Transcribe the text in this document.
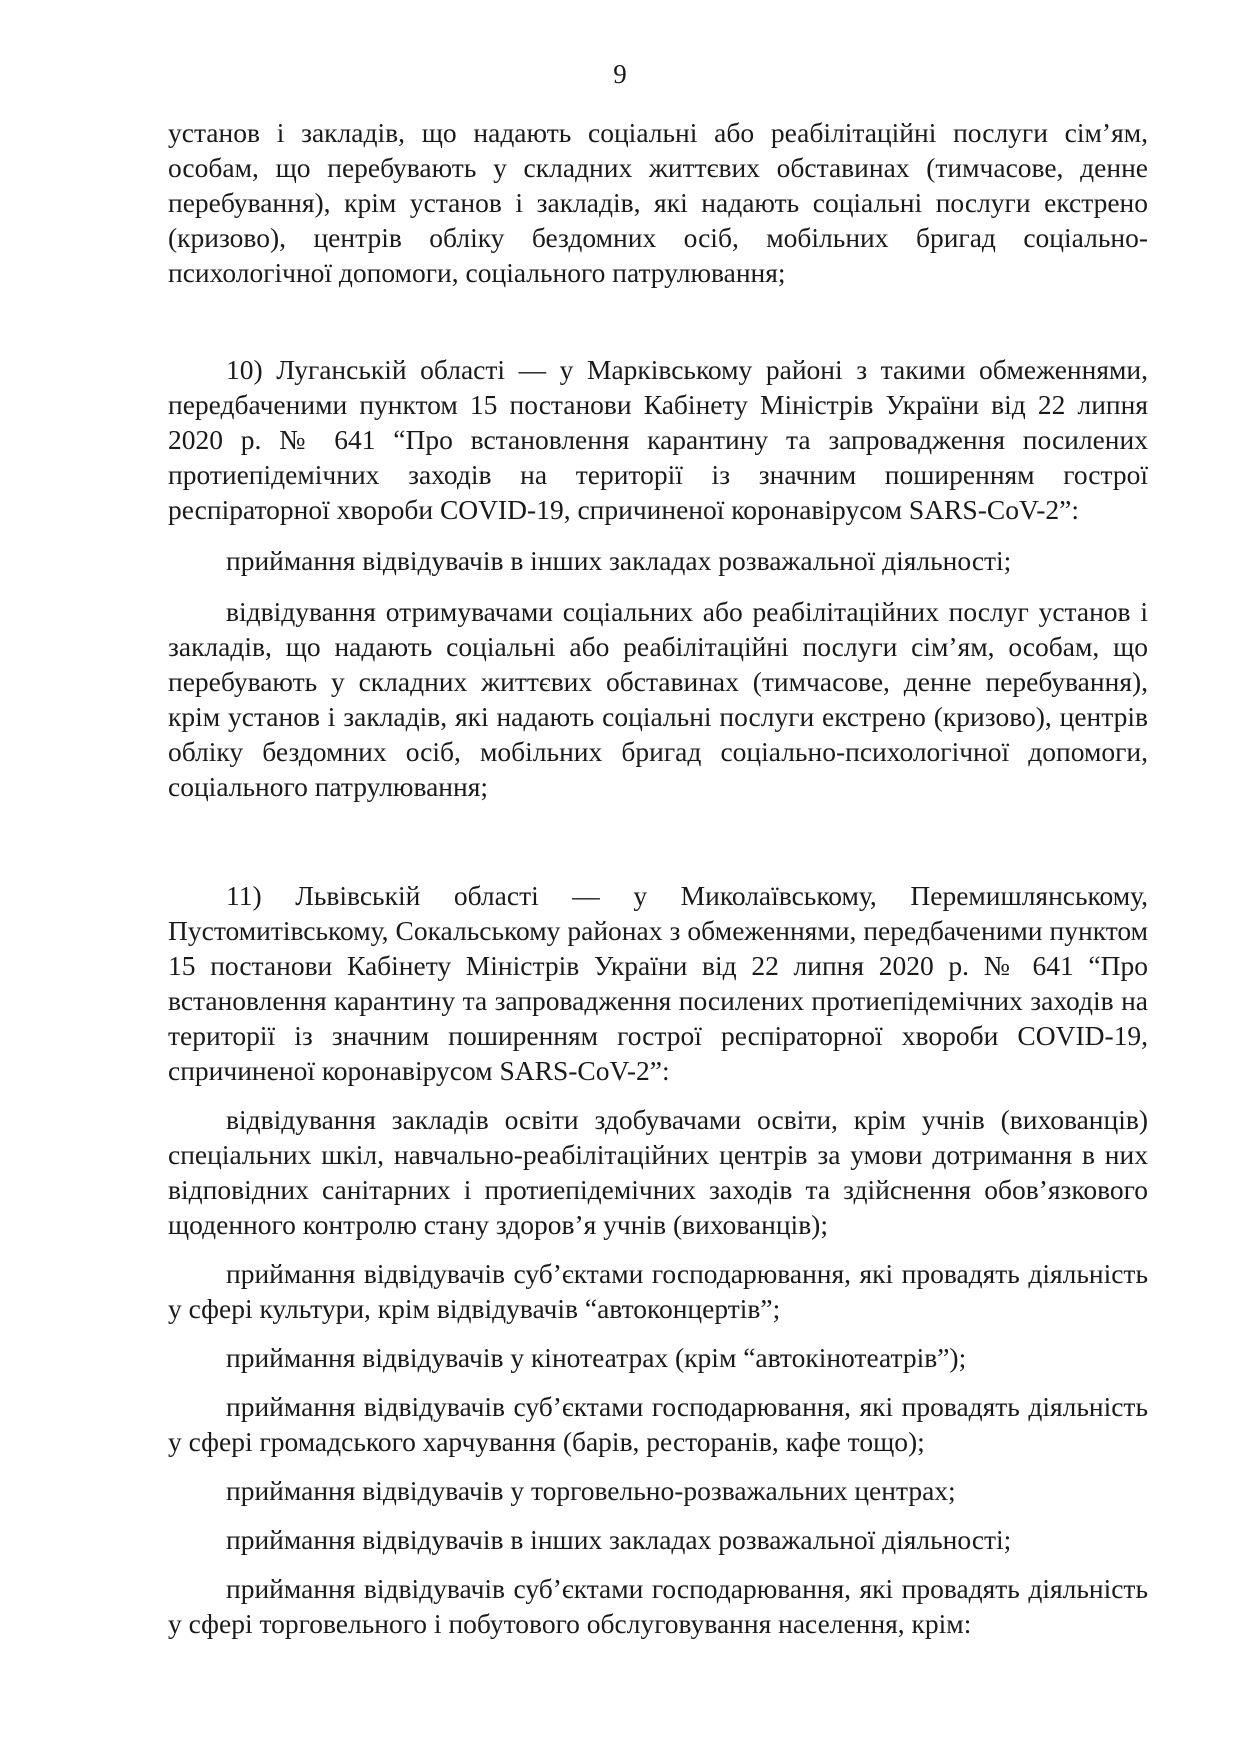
9

установ і закладів, що надають соціальні або реабілітаційні послуги сім’ям, особам, що перебувають у складних життєвих обставинах (тимчасове, денне перебування), крім установ і закладів, які надають соціальні послуги екстрено (кризово), центрів обліку бездомних осіб, мобільних бригад соціально-психологічної допомоги, соціального патрулювання;

10) Луганській області — у Марківському районі з такими обмеженнями, передбаченими пунктом 15 постанови Кабінету Міністрів України від 22 липня 2020 р. № 641 “Про встановлення карантину та запровадження посилених протиепідемічних заходів на території із значним поширенням гострої респіраторної хвороби COVID-19, спричиненої коронавірусом SARS-CoV-2”:

приймання відвідувачів в інших закладах розважальної діяльності;

відвідування отримувачами соціальних або реабілітаційних послуг установ і закладів, що надають соціальні або реабілітаційні послуги сім’ям, особам, що перебувають у складних життєвих обставинах (тимчасове, денне перебування), крім установ і закладів, які надають соціальні послуги екстрено (кризово), центрів обліку бездомних осіб, мобільних бригад соціально-психологічної допомоги, соціального патрулювання;

11) Львівській області — у Миколаївському, Перемишлянському, Пустомитівському, Сокальському районах з обмеженнями, передбаченими пунктом 15 постанови Кабінету Міністрів України від 22 липня 2020 р. № 641 “Про встановлення карантину та запровадження посилених протиепідемічних заходів на території із значним поширенням гострої респіраторної хвороби COVID-19, спричиненої коронавірусом SARS-CoV-2”:

відвідування закладів освіти здобувачами освіти, крім учнів (вихованців) спеціальних шкіл, навчально-реабілітаційних центрів за умови дотримання в них відповідних санітарних і протиепідемічних заходів та здійснення обов’язкового щоденного контролю стану здоров’я учнів (вихованців);

приймання відвідувачів суб’єктами господарювання, які провадять діяльність у сфері культури, крім відвідувачів “автоконцертів”;

приймання відвідувачів у кінотеатрах (крім “автокінотеатрів”);

приймання відвідувачів суб’єктами господарювання, які провадять діяльність у сфері громадського харчування (барів, ресторанів, кафе тощо);

приймання відвідувачів у торговельно-розважальних центрах;

приймання відвідувачів в інших закладах розважальної діяльності;

приймання відвідувачів суб’єктами господарювання, які провадять діяльність у сфері торговельного і побутового обслуговування населення, крім:
